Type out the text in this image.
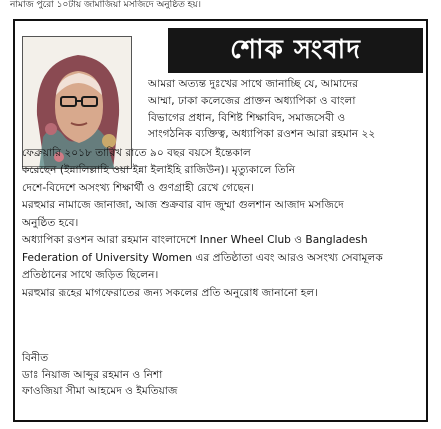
নামাজ পুরো ১০টায় জামাজিয়া মসজিদে অনুষ্ঠিত হয়।
শোক সংবাদ
আমরা অত্যন্ত দুঃখের সাথে জানাচ্ছি যে, আমাদের
আম্মা, ঢাকা কলেজের প্রাক্তন অধ্যাপিকা ও বাংলা
বিভাগের প্রধান, বিশিষ্ট শিক্ষাবিদ, সমাজসেবী ও
সাংগঠনিক ব্যক্তিত্ব, অধ্যাপিকা রওশন আরা রহমান ২২
ফেব্রুয়ারি ২০১৮ তারিখ রাতে ৯০ বছর বয়সে ইন্তেকাল
করেছেন (ইন্নালিল্লাহি ওয়া ইন্না ইলাইহি রাজিউন)। মৃত্যুকালে তিনি
দেশে-বিদেশে অসংখ্য শিক্ষার্থী ও গুণগ্রাহী রেখে গেছেন।
মরহুমার নামাজে জানাজা, আজ শুক্রবার বাদ জুম্মা গুলশান আজাদ মসজিদে
অনুষ্ঠিত হবে।
অধ্যাপিকা রওশন আরা রহমান বাংলাদেশে Inner Wheel Club ও Bangladesh
Federation of University Women এর প্রতিষ্ঠাতা এবং আরও অসংখ্য সেবামূলক
প্রতিষ্ঠানের সাথে জড়িত ছিলেন।
মরহুমার রূহের মাগফেরাতের জন্য সকলের প্রতি অনুরোধ জানানো হল।
বিনীত
ডাঃ নিয়াজ আব্দুর রহমান ও নিশা
ফাওজিয়া সীমা আহমেদ ও ইমতিয়াজ
